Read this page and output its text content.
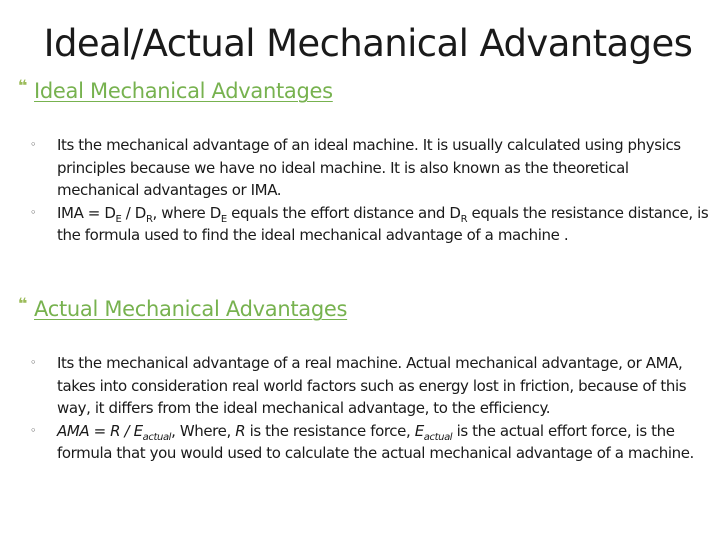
Ideal/Actual Mechanical Advantages
❝ Ideal Mechanical Advantages
◦ Its the mechanical advantage of an ideal machine. It is usually calculated using physics principles because we have no ideal machine. It is also known as the theoretical mechanical advantages or IMA.
◦ IMA = $D_E / D_R$, where $D_E$ equals the effort distance and $D_R$ equals the resistance distance, is the formula used to find the ideal mechanical advantage of a machine .
❝ Actual Mechanical Advantages
◦ Its the mechanical advantage of a real machine. Actual mechanical advantage, or AMA, takes into consideration real world factors such as energy lost in friction, because of this way, it differs from the ideal mechanical advantage, to the efficiency.
◦ AMA = R / $E_{actual}$, Where, R is the resistance force, $E_{actual}$ is the actual effort force, is the formula that you would used to calculate the actual mechanical advantage of a machine.
